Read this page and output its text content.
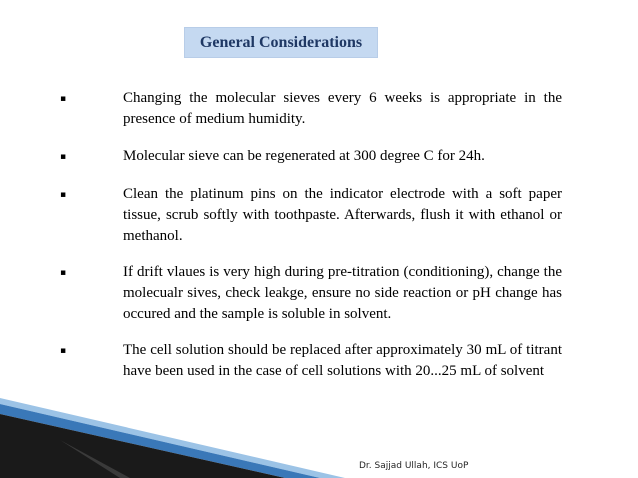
General Considerations
▪	Changing the molecular sieves every 6 weeks is appropriate in the presence of medium humidity.
▪	Molecular sieve can be regenerated at 300 degree C for 24h.
▪	Clean the platinum pins on the indicator electrode with a soft paper tissue, scrub softly with toothpaste. Afterwards, flush it with ethanol or methanol.
▪	If drift vlaues is very high during pre-titration (conditioning), change the molecualr sives, check leakge, ensure no side reaction or pH change has occured and the sample is soluble in solvent.
▪	The cell solution should be replaced after approximately 30 mL of titrant have been used in the case of cell solutions with 20...25 mL of solvent
Dr. Sajjad Ullah, ICS UoP
